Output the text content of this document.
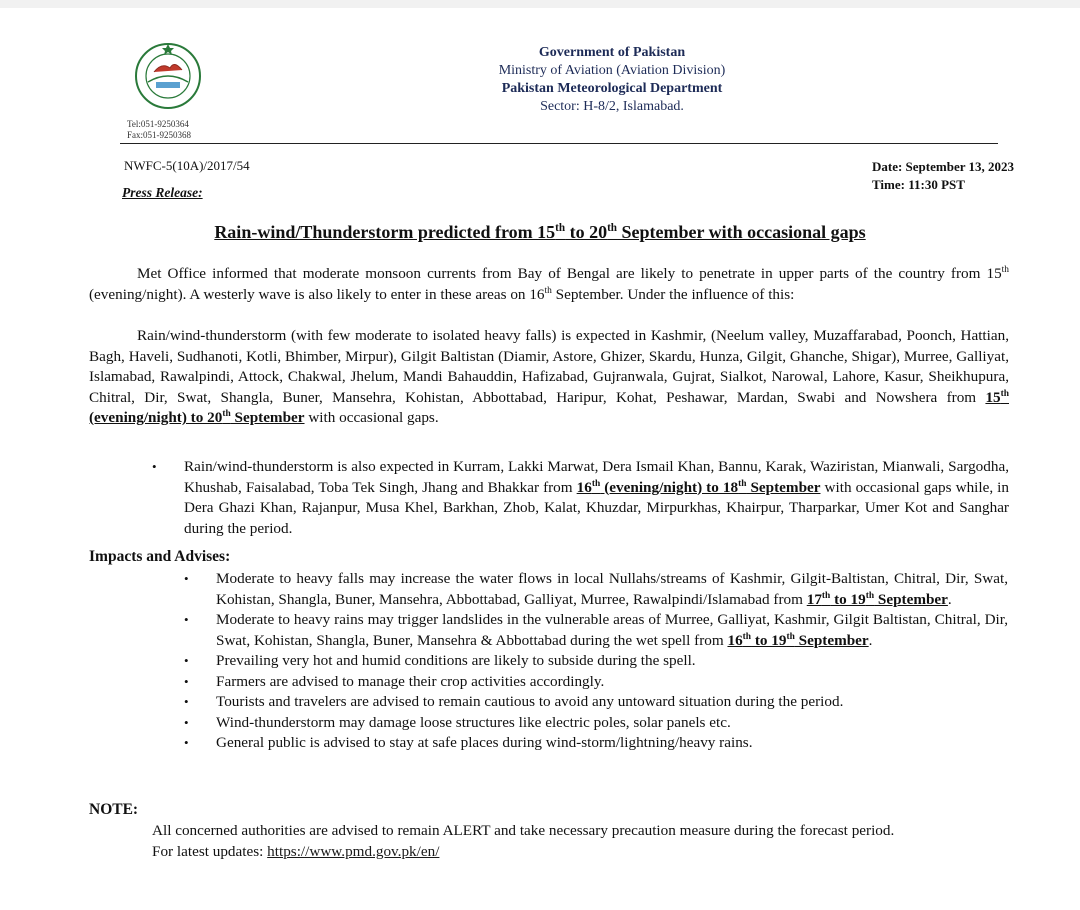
Tel:051-9250364
Fax:051-9250368
Government of Pakistan
Ministry of Aviation (Aviation Division)
Pakistan Meteorological Department
Sector: H-8/2, Islamabad.
NWFC-5(10A)/2017/54	Date: September 13, 2023
Time: 11:30 PST
Press Release:
Rain-wind/Thunderstorm predicted from 15th to 20th September with occasional gaps

Met Office informed that moderate monsoon currents from Bay of Bengal are likely to penetrate in upper parts of the country from 15th (evening/night). A westerly wave is also likely to enter in these areas on 16th September. Under the influence of this:

Rain/wind-thunderstorm (with few moderate to isolated heavy falls) is expected in Kashmir, (Neelum valley, Muzaffarabad, Poonch, Hattian, Bagh, Haveli, Sudhanoti, Kotli, Bhimber, Mirpur), Gilgit Baltistan (Diamir, Astore, Ghizer, Skardu, Hunza, Gilgit, Ghanche, Shigar), Murree, Galliyat, Islamabad, Rawalpindi, Attock, Chakwal, Jhelum, Mandi Bahauddin, Hafizabad, Gujranwala, Gujrat, Sialkot, Narowal, Lahore, Kasur, Sheikhupura, Chitral, Dir, Swat, Shangla, Buner, Mansehra, Kohistan, Abbottabad, Haripur, Kohat, Peshawar, Mardan, Swabi and Nowshera from 15th (evening/night) to 20th September with occasional gaps.

• Rain/wind-thunderstorm is also expected in Kurram, Lakki Marwat, Dera Ismail Khan, Bannu, Karak, Waziristan, Mianwali, Sargodha, Khushab, Faisalabad, Toba Tek Singh, Jhang and Bhakkar from 16th (evening/night) to 18th September with occasional gaps while, in Dera Ghazi Khan, Rajanpur, Musa Khel, Barkhan, Zhob, Kalat, Khuzdar, Mirpurkhas, Khairpur, Tharparkar, Umer Kot and Sanghar during the period.

Impacts and Advises:
• Moderate to heavy falls may increase the water flows in local Nullahs/streams of Kashmir, Gilgit-Baltistan, Chitral, Dir, Swat, Kohistan, Shangla, Buner, Mansehra, Abbottabad, Galliyat, Murree, Rawalpindi/Islamabad from 17th to 19th September.
• Moderate to heavy rains may trigger landslides in the vulnerable areas of Murree, Galliyat, Kashmir, Gilgit Baltistan, Chitral, Dir, Swat, Kohistan, Shangla, Buner, Mansehra & Abbottabad during the wet spell from 16th to 19th September.
• Prevailing very hot and humid conditions are likely to subside during the spell.
• Farmers are advised to manage their crop activities accordingly.
• Tourists and travelers are advised to remain cautious to avoid any untoward situation during the period.
• Wind-thunderstorm may damage loose structures like electric poles, solar panels etc.
• General public is advised to stay at safe places during wind-storm/lightning/heavy rains.
NOTE:
All concerned authorities are advised to remain ALERT and take necessary precaution measure during the forecast period.
For latest updates: https://www.pmd.gov.pk/en/
